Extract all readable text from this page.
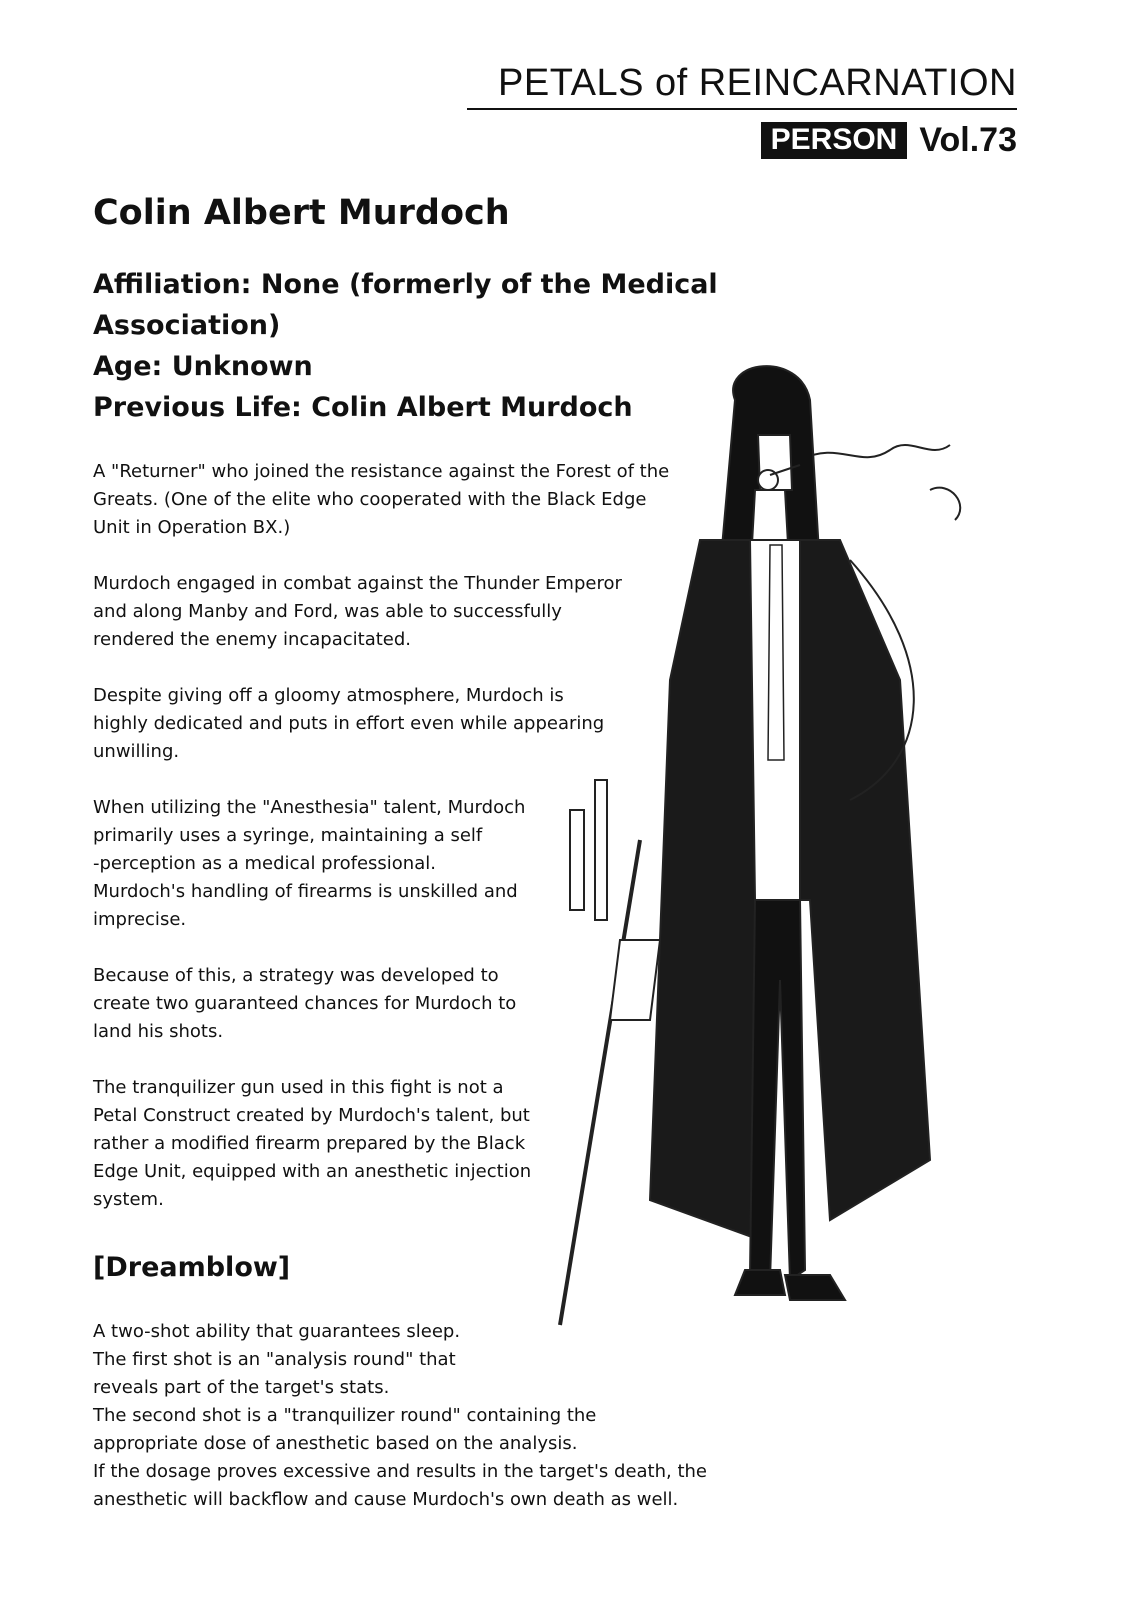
PETALS of REINCARNATION
PERSON Vol.73
Colin Albert Murdoch
Affiliation: None (formerly of the Medical
Association)
Age: Unknown
Previous Life: Colin Albert Murdoch

A "Returner" who joined the resistance against the Forest of the
Greats. (One of the elite who cooperated with the Black Edge
Unit in Operation BX.)

Murdoch engaged in combat against the Thunder Emperor
and along Manby and Ford, was able to successfully
rendered the enemy incapacitated.

Despite giving off a gloomy atmosphere, Murdoch is
highly dedicated and puts in effort even while appearing
unwilling.

When utilizing the "Anesthesia" talent, Murdoch
primarily uses a syringe, maintaining a self
-perception as a medical professional.
Murdoch's handling of firearms is unskilled and
imprecise.

Because of this, a strategy was developed to
create two guaranteed chances for Murdoch to
land his shots.

The tranquilizer gun used in this fight is not a
Petal Construct created by Murdoch's talent, but
rather a modified firearm prepared by the Black
Edge Unit, equipped with an anesthetic injection
system.

[Dreamblow]
A two-shot ability that guarantees sleep.
The first shot is an "analysis round" that
reveals part of the target's stats.
The second shot is a "tranquilizer round" containing the
appropriate dose of anesthetic based on the analysis.
If the dosage proves excessive and results in the target's death, the
anesthetic will backflow and cause Murdoch's own death as well.
